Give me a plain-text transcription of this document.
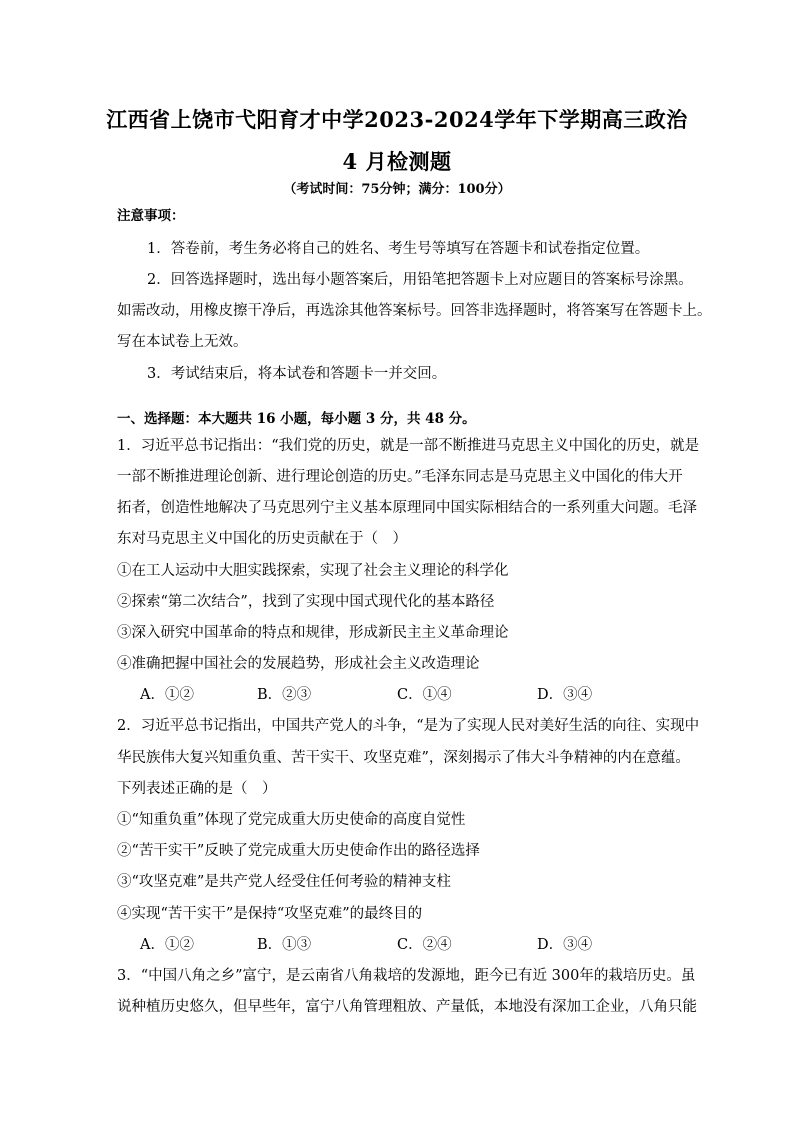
江西省上饶市弋阳育才中学2023-2024学年下学期高三政治
4 月检测题
（考试时间：75分钟；满分：100分）
注意事项：
1．答卷前，考生务必将自己的姓名、考生号等填写在答题卡和试卷指定位置。
2．回答选择题时，选出每小题答案后，用铅笔把答题卡上对应题目的答案标号涂黑。
如需改动，用橡皮擦干净后，再选涂其他答案标号。回答非选择题时，将答案写在答题卡上。
写在本试卷上无效。
3．考试结束后，将本试卷和答题卡一并交回。
一、选择题：本大题共 16 小题，每小题 3 分，共 48 分。
1．习近平总书记指出：“我们党的历史，就是一部不断推进马克思主义中国化的历史，就是
一部不断推进理论创新、进行理论创造的历史。”毛泽东同志是马克思主义中国化的伟大开
拓者，创造性地解决了马克思列宁主义基本原理同中国实际相结合的一系列重大问题。毛泽
东对马克思主义中国化的历史贡献在于（　）
①在工人运动中大胆实践探索，实现了社会主义理论的科学化
②探索“第二次结合”，找到了实现中国式现代化的基本路径
③深入研究中国革命的特点和规律，形成新民主主义革命理论
④准确把握中国社会的发展趋势，形成社会主义改造理论
A．①②	B．②③	C．①④	D．③④
2．习近平总书记指出，中国共产党人的斗争，“是为了实现人民对美好生活的向往、实现中
华民族伟大复兴知重负重、苦干实干、攻坚克难”，深刻揭示了伟大斗争精神的内在意蕴。
下列表述正确的是（　）
①“知重负重”体现了党完成重大历史使命的高度自觉性
②“苦干实干”反映了党完成重大历史使命作出的路径选择
③“攻坚克难”是共产党人经受住任何考验的精神支柱
④实现“苦干实干”是保持“攻坚克难”的最终目的
A．①②	B．①③	C．②④	D．③④
3．“中国八角之乡”富宁，是云南省八角栽培的发源地，距今已有近 300年的栽培历史。虽
说种植历史悠久，但早些年，富宁八角管理粗放、产量低，本地没有深加工企业，八角只能
